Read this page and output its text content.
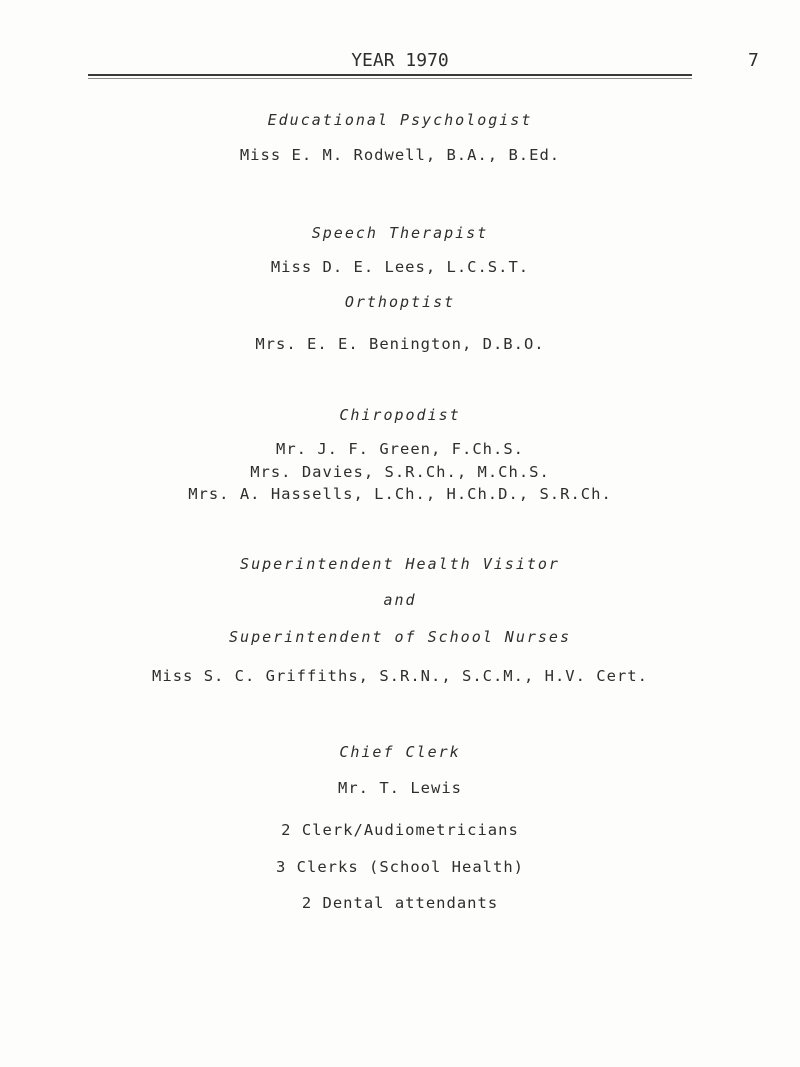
YEAR 1970	7
Educational Psychologist
Miss E. M. Rodwell, B.A., B.Ed.
Speech Therapist
Miss D. E. Lees, L.C.S.T.
Orthoptist
Mrs. E. E. Benington, D.B.O.
Chiropodist
Mr. J. F. Green, F.Ch.S.
Mrs. Davies, S.R.Ch., M.Ch.S.
Mrs. A. Hassells, L.Ch., H.Ch.D., S.R.Ch.
Superintendent Health Visitor
and
Superintendent of School Nurses
Miss S. C. Griffiths, S.R.N., S.C.M., H.V. Cert.
Chief Clerk
Mr. T. Lewis
2 Clerk/Audiometricians
3 Clerks (School Health)
2 Dental attendants
